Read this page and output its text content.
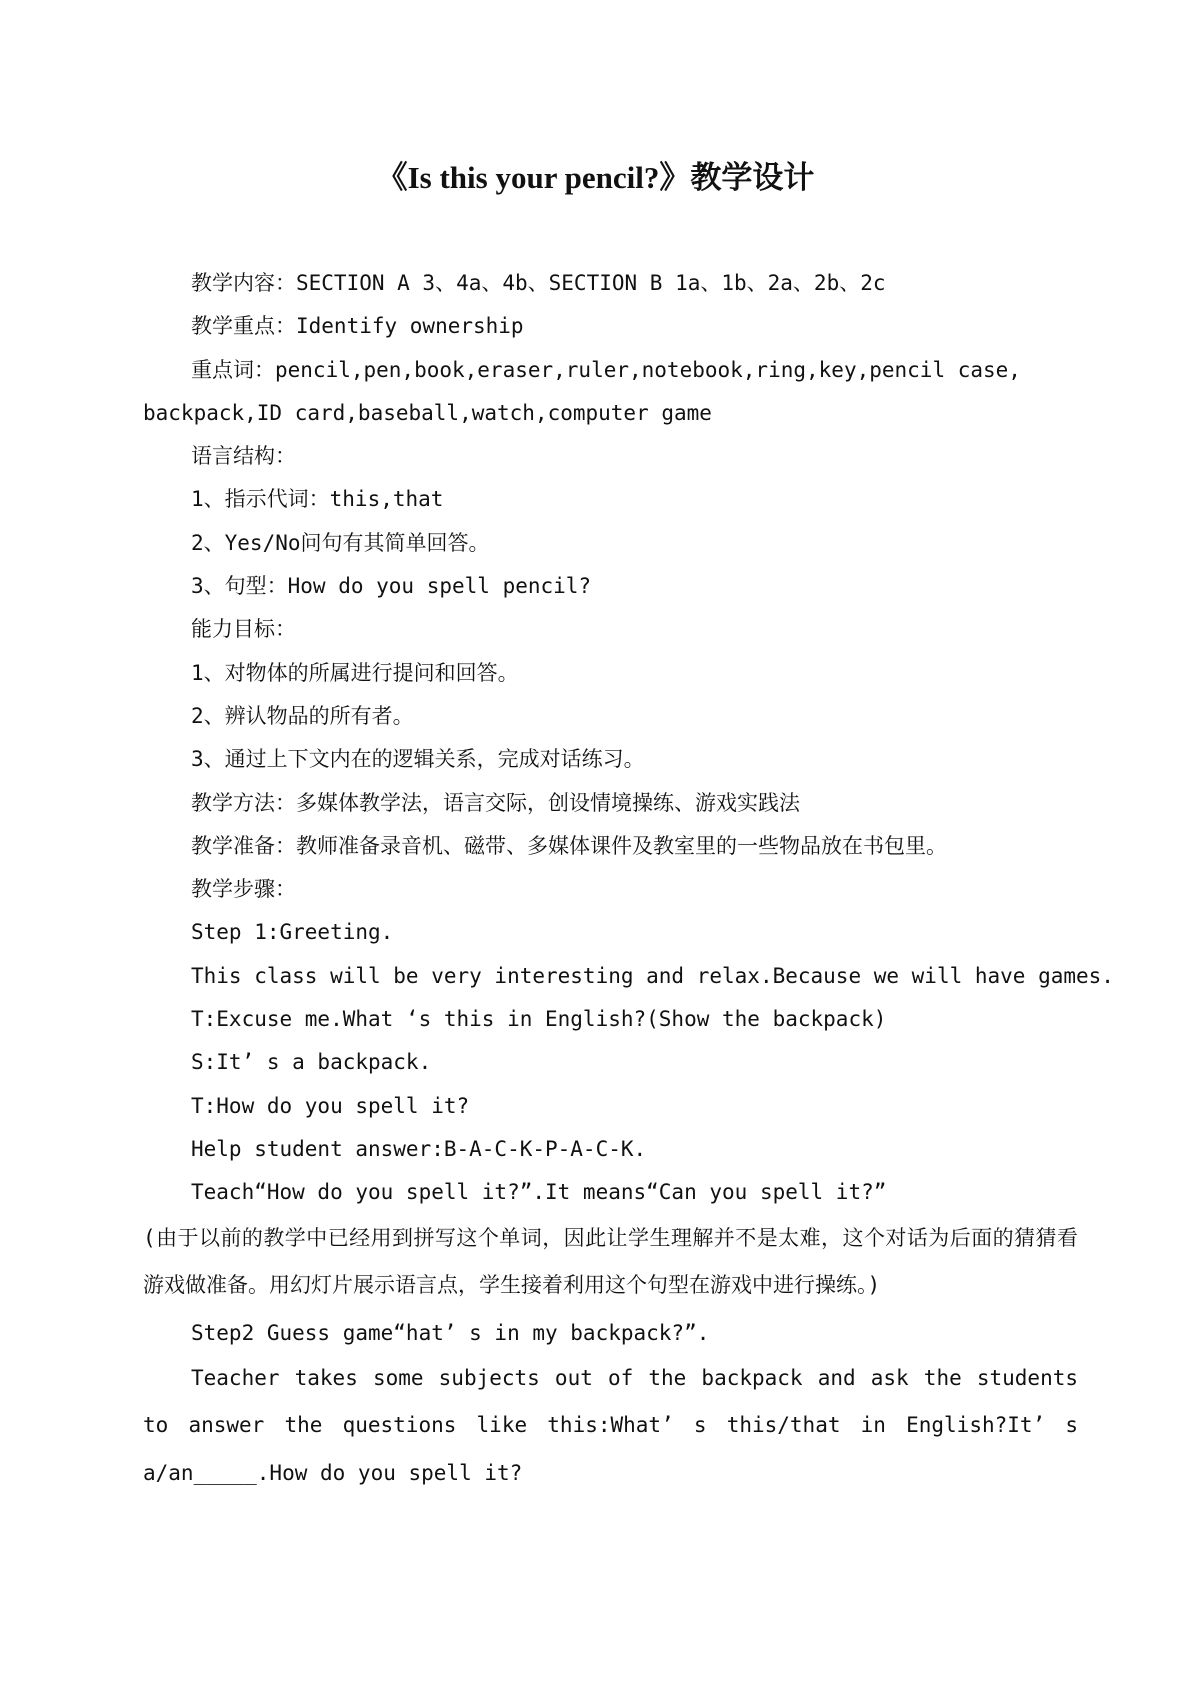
《Is this your pencil?》教学设计
教学内容：SECTION A 3、4a、4b、SECTION B 1a、1b、2a、2b、2c
教学重点：Identify ownership
重点词：pencil,pen,book,eraser,ruler,notebook,ring,key,pencil case,
backpack,ID card,baseball,watch,computer game
语言结构：
1、指示代词：this,that
2、Yes/No问句有其简单回答。
3、句型：How do you spell pencil?
能力目标：
1、对物体的所属进行提问和回答。
2、辨认物品的所有者。
3、通过上下文内在的逻辑关系，完成对话练习。
教学方法：多媒体教学法，语言交际，创设情境操练、游戏实践法
教学准备：教师准备录音机、磁带、多媒体课件及教室里的一些物品放在书包里。
教学步骤：
Step 1:Greeting.
This class will be very interesting and relax.Because we will have games.
T:Excuse me.What ‘s this in English?(Show the backpack)
S:It’ s a backpack.
T:How do you spell it?
Help student answer:B-A-C-K-P-A-C-K.
Teach“How do you spell it?”.It means“Can you spell it?”

(由于以前的教学中已经用到拼写这个单词，因此让学生理解并不是太难，这个对话为后面的猜猜看游戏做准备。用幻灯片展示语言点，学生接着利用这个句型在游戏中进行操练。)

Step2 Guess game“hat’ s in my backpack?”.

Teacher takes some subjects out of the backpack and ask the students to answer the questions like this:What’ s this/that in English?It’ s a/an_____.How do you spell it?
